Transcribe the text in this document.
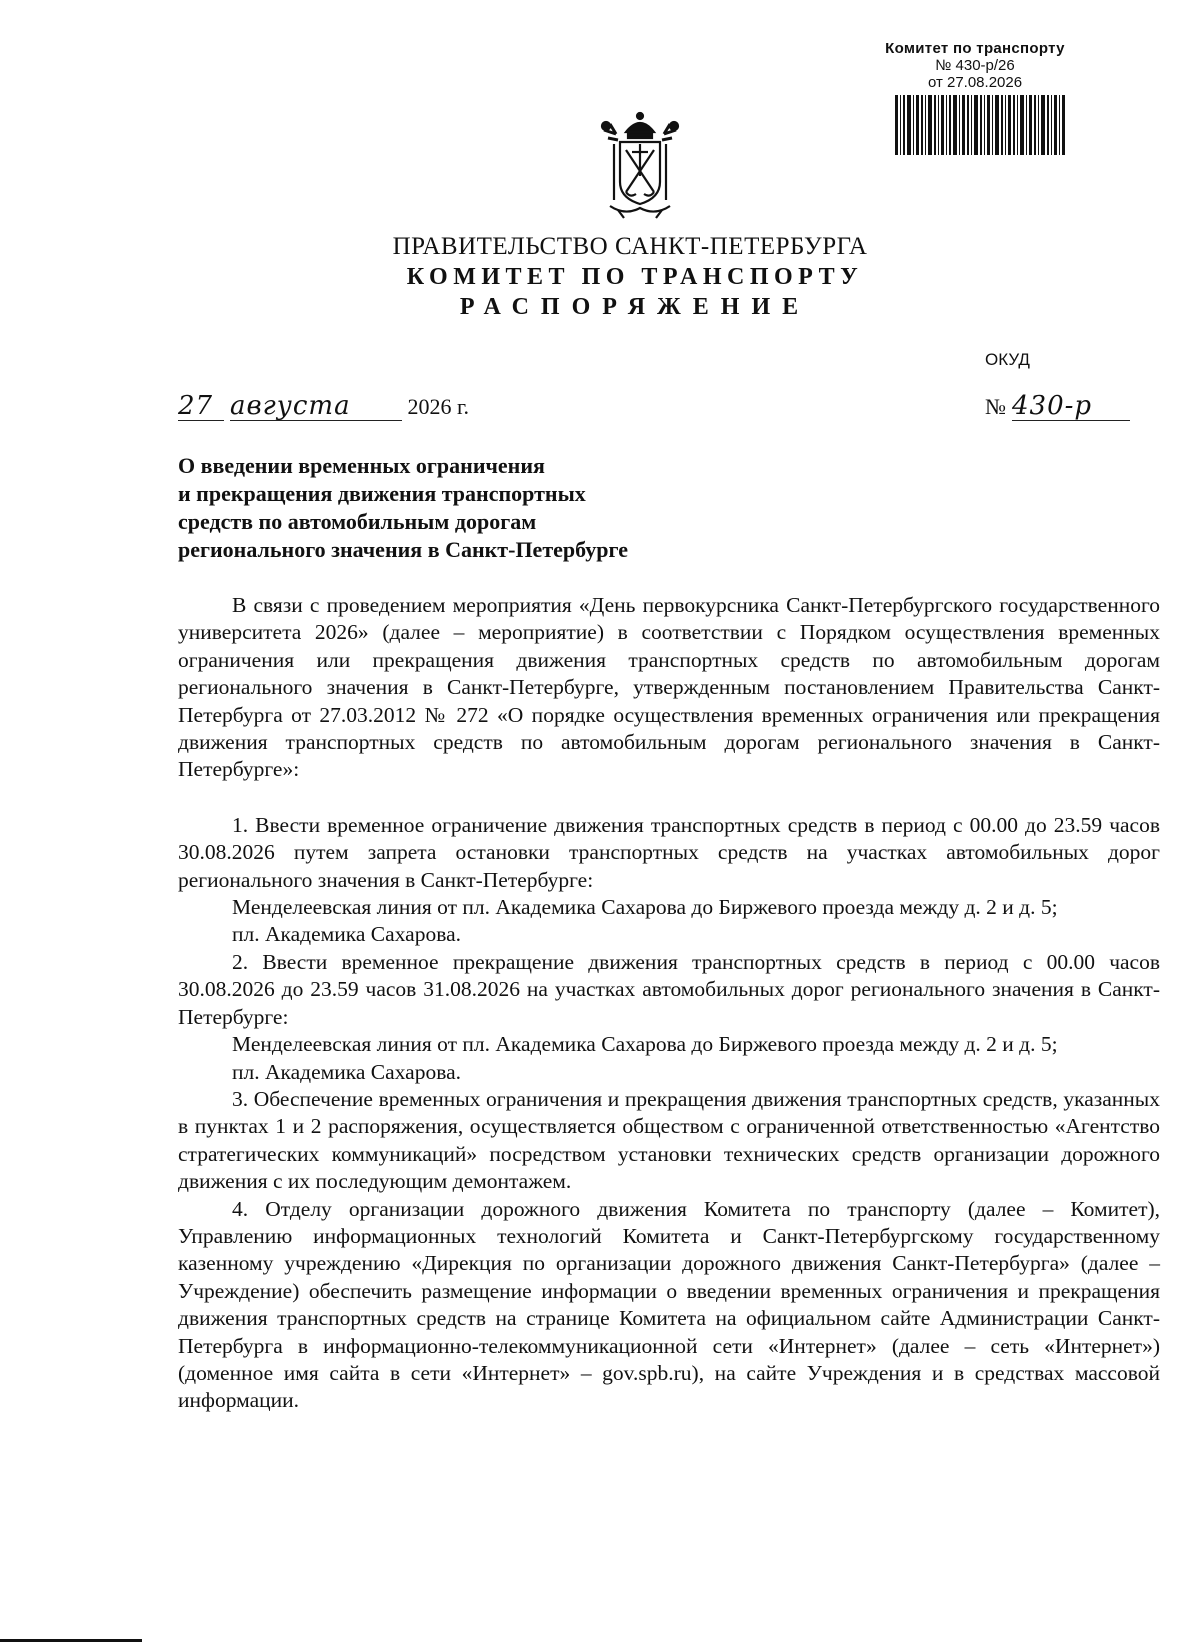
Комитет по транспорту
№ 430-р/26
от 27.08.2026
ПРАВИТЕЛЬСТВО САНКТ-ПЕТЕРБУРГА
КОМИТЕТ ПО ТРАНСПОРТУ
РАСПОРЯЖЕНИЕ
ОКУД
27 августа	2026 г.	№ 430-р
О введении временных ограничения
и прекращения движения транспортных
средств по автомобильным дорогам
регионального значения в Санкт-Петербурге

В связи с проведением мероприятия «День первокурсника Санкт-Петербургского государственного университета 2026» (далее – мероприятие) в соответствии с Порядком осуществления временных ограничения или прекращения движения транспортных средств по автомобильным дорогам регионального значения в Санкт-Петербурге, утвержденным постановлением Правительства Санкт-Петербурга от 27.03.2012 № 272 «О порядке осуществления временных ограничения или прекращения движения транспортных средств по автомобильным дорогам регионального значения в Санкт-Петербурге»:

1. Ввести временное ограничение движения транспортных средств в период с 00.00 до 23.59 часов 30.08.2026 путем запрета остановки транспортных средств на участках автомобильных дорог регионального значения в Санкт-Петербурге:

Менделеевская линия от пл. Академика Сахарова до Биржевого проезда между д. 2 и д. 5;

пл. Академика Сахарова.

2. Ввести временное прекращение движения транспортных средств в период с 00.00 часов 30.08.2026 до 23.59 часов 31.08.2026 на участках автомобильных дорог регионального значения в Санкт-Петербурге:

Менделеевская линия от пл. Академика Сахарова до Биржевого проезда между д. 2 и д. 5;

пл. Академика Сахарова.

3. Обеспечение временных ограничения и прекращения движения транспортных средств, указанных в пунктах 1 и 2 распоряжения, осуществляется обществом с ограниченной ответственностью «Агентство стратегических коммуникаций» посредством установки технических средств организации дорожного движения с их последующим демонтажем.

4. Отделу организации дорожного движения Комитета по транспорту (далее – Комитет), Управлению информационных технологий Комитета и Санкт-Петербургскому государственному казенному учреждению «Дирекция по организации дорожного движения Санкт-Петербурга» (далее – Учреждение) обеспечить размещение информации о введении временных ограничения и прекращения движения транспортных средств на странице Комитета на официальном сайте Администрации Санкт-Петербурга в информационно-телекоммуникационной сети «Интернет» (далее – сеть «Интернет») (доменное имя сайта в сети «Интернет» – gov.spb.ru), на сайте Учреждения и в средствах массовой информации.
